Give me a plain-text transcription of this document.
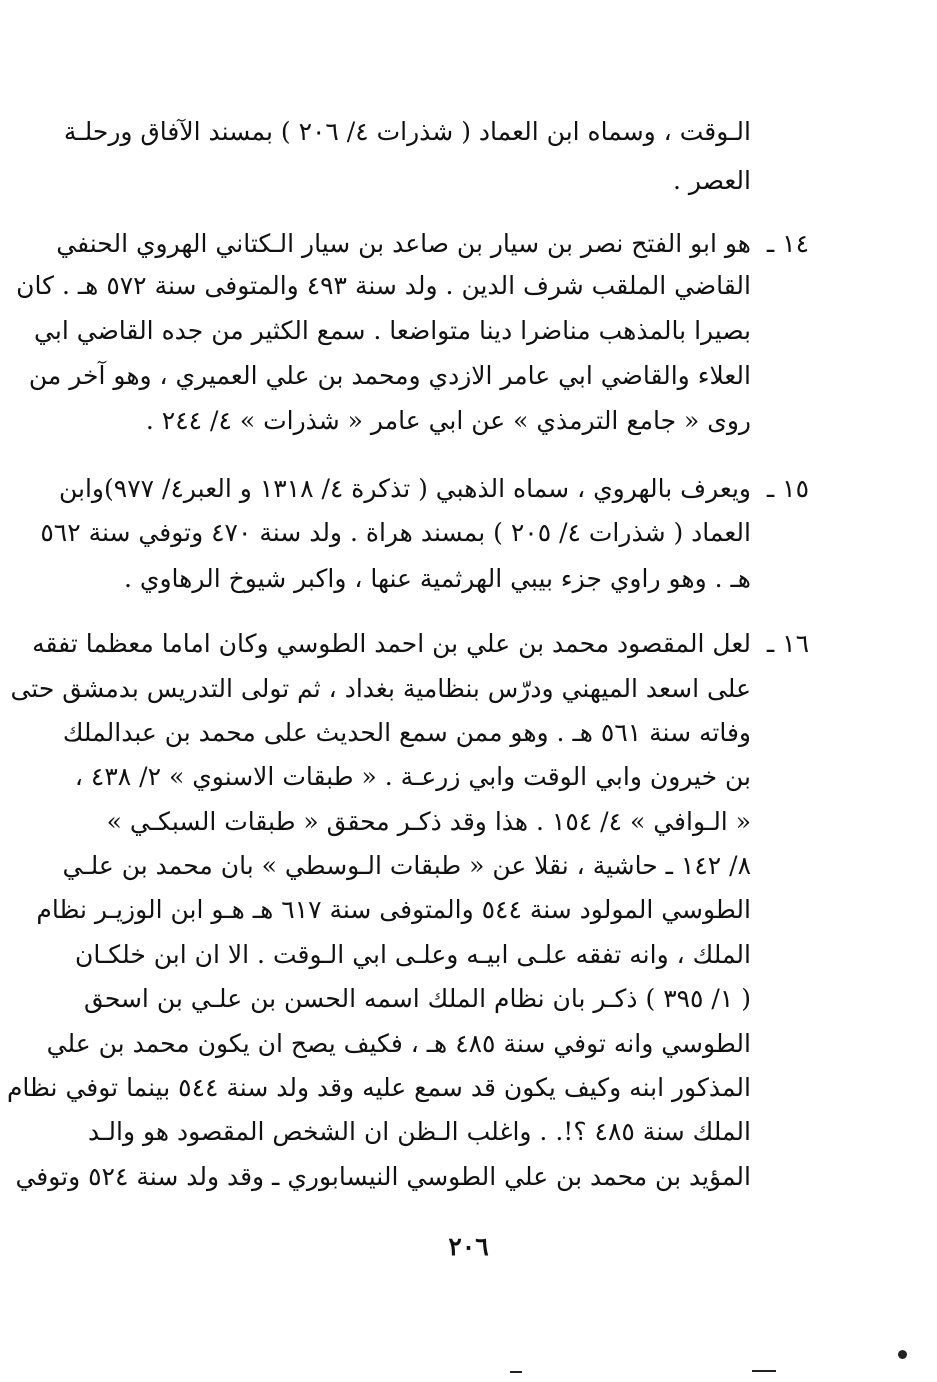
الـوقت ، وسماه ابن العماد ( شذرات ٤/ ٢٠٦ ) بمسند الآفاق ورحلـة
العصر .
١٤ ـ
هو ابو الفتح نصر بن سيار بن صاعد بن سيار الـكتاني الهروي الحنفي
القاضي الملقب شرف الدين . ولد سنة ٤٩٣ والمتوفى سنة ٥٧٢ هـ . كان
بصيرا بالمذهب مناضرا دينا متواضعا . سمع الكثير من جده القاضي ابي
العلاء والقاضي ابي عامر الازدي ومحمد بن علي العميري ، وهو آخر من
روى « جامع الترمذي » عن ابي عامر « شذرات » ٤/ ٢٤٤ .
١٥ ـ
ويعرف بالهروي ، سماه الذهبي ( تذكرة ٤/ ١٣١٨ و العبر٤/ ٩٧٧)وابن
العماد ( شذرات ٤/ ٢٠٥ ) بمسند هراة . ولد سنة ٤٧٠ وتوفي سنة ٥٦٢
هـ . وهو راوي جزء بيبي الهرثمية عنها ، واكبر شيوخ الرهاوي .
١٦ ـ
لعل المقصود محمد بن علي بن احمد الطوسي وكان اماما معظما تفقه
على اسعد الميهني ودرّس بنظامية بغداد ، ثم تولى التدريس بدمشق حتى
وفاته سنة ٥٦١ هـ . وهو ممن سمع الحديث على محمد بن عبدالملك
بن خيرون وابي الوقت وابي زرعـة . « طبقات الاسنوي » ٢/ ٤٣٨ ،
« الـوافي » ٤/ ١٥٤ . هذا وقد ذكـر محقق « طبقات السبكـي »
٨/ ١٤٢ ـ حاشية ، نقلا عن « طبقات الـوسطي » بان محمد بن علـي
الطوسي المولود سنة ٥٤٤ والمتوفى سنة ٦١٧ هـ هـو ابن الوزيـر نظام
الملك ، وانه تفقه علـى ابيـه وعلـى ابي الـوقت . الا ان ابن خلكـان
( ١/ ٣٩٥ ) ذكـر بان نظام الملك اسمه الحسن بن علـي بن اسحق
الطوسي وانه توفي سنة ٤٨٥ هـ ، فكيف يصح ان يكون محمد بن علي
المذكور ابنه وكيف يكون قد سمع عليه وقد ولد سنة ٥٤٤ بينما توفي نظام
الملك سنة ٤٨٥ ؟!. . واغلب الـظن ان الشخص المقصود هو والـد
المؤيد بن محمد بن علي الطوسي النيسابوري ـ وقد ولد سنة ٥٢٤ وتوفي
٢٠٦
